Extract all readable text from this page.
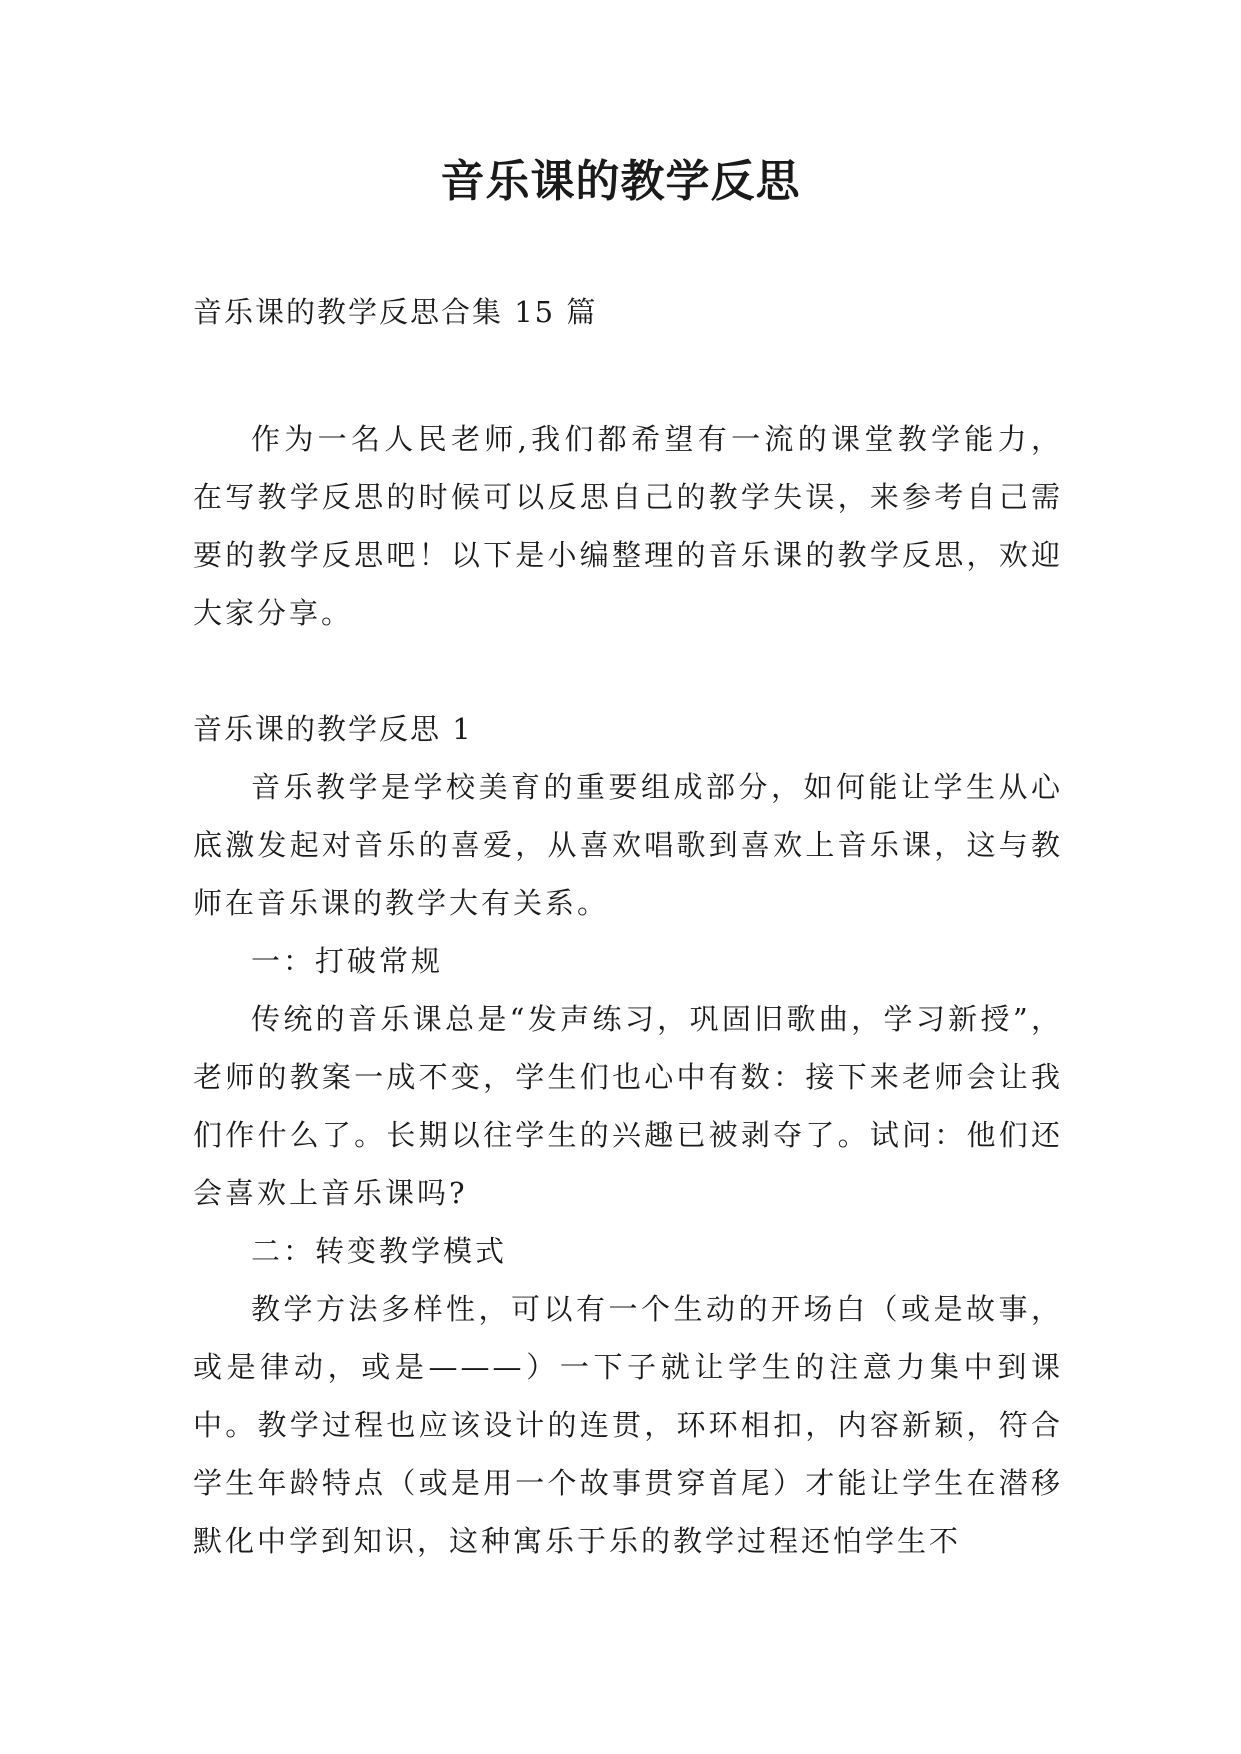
音乐课的教学反思

音乐课的教学反思合集 15 篇

作为一名人民老师,我们都希望有一流的课堂教学能力，在写教学反思的时候可以反思自己的教学失误，来参考自己需要的教学反思吧！以下是小编整理的音乐课的教学反思，欢迎大家分享。

音乐课的教学反思 1

音乐教学是学校美育的重要组成部分，如何能让学生从心底激发起对音乐的喜爱，从喜欢唱歌到喜欢上音乐课，这与教师在音乐课的教学大有关系。

一：打破常规

传统的音乐课总是“发声练习，巩固旧歌曲，学习新授”，老师的教案一成不变，学生们也心中有数：接下来老师会让我们作什么了。长期以往学生的兴趣已被剥夺了。试问：他们还会喜欢上音乐课吗?

二：转变教学模式

教学方法多样性，可以有一个生动的开场白（或是故事，或是律动，或是———）一下子就让学生的注意力集中到课中。教学过程也应该设计的连贯，环环相扣，内容新颖，符合学生年龄特点（或是用一个故事贯穿首尾）才能让学生在潜移默化中学到知识，这种寓乐于乐的教学过程还怕学生不
